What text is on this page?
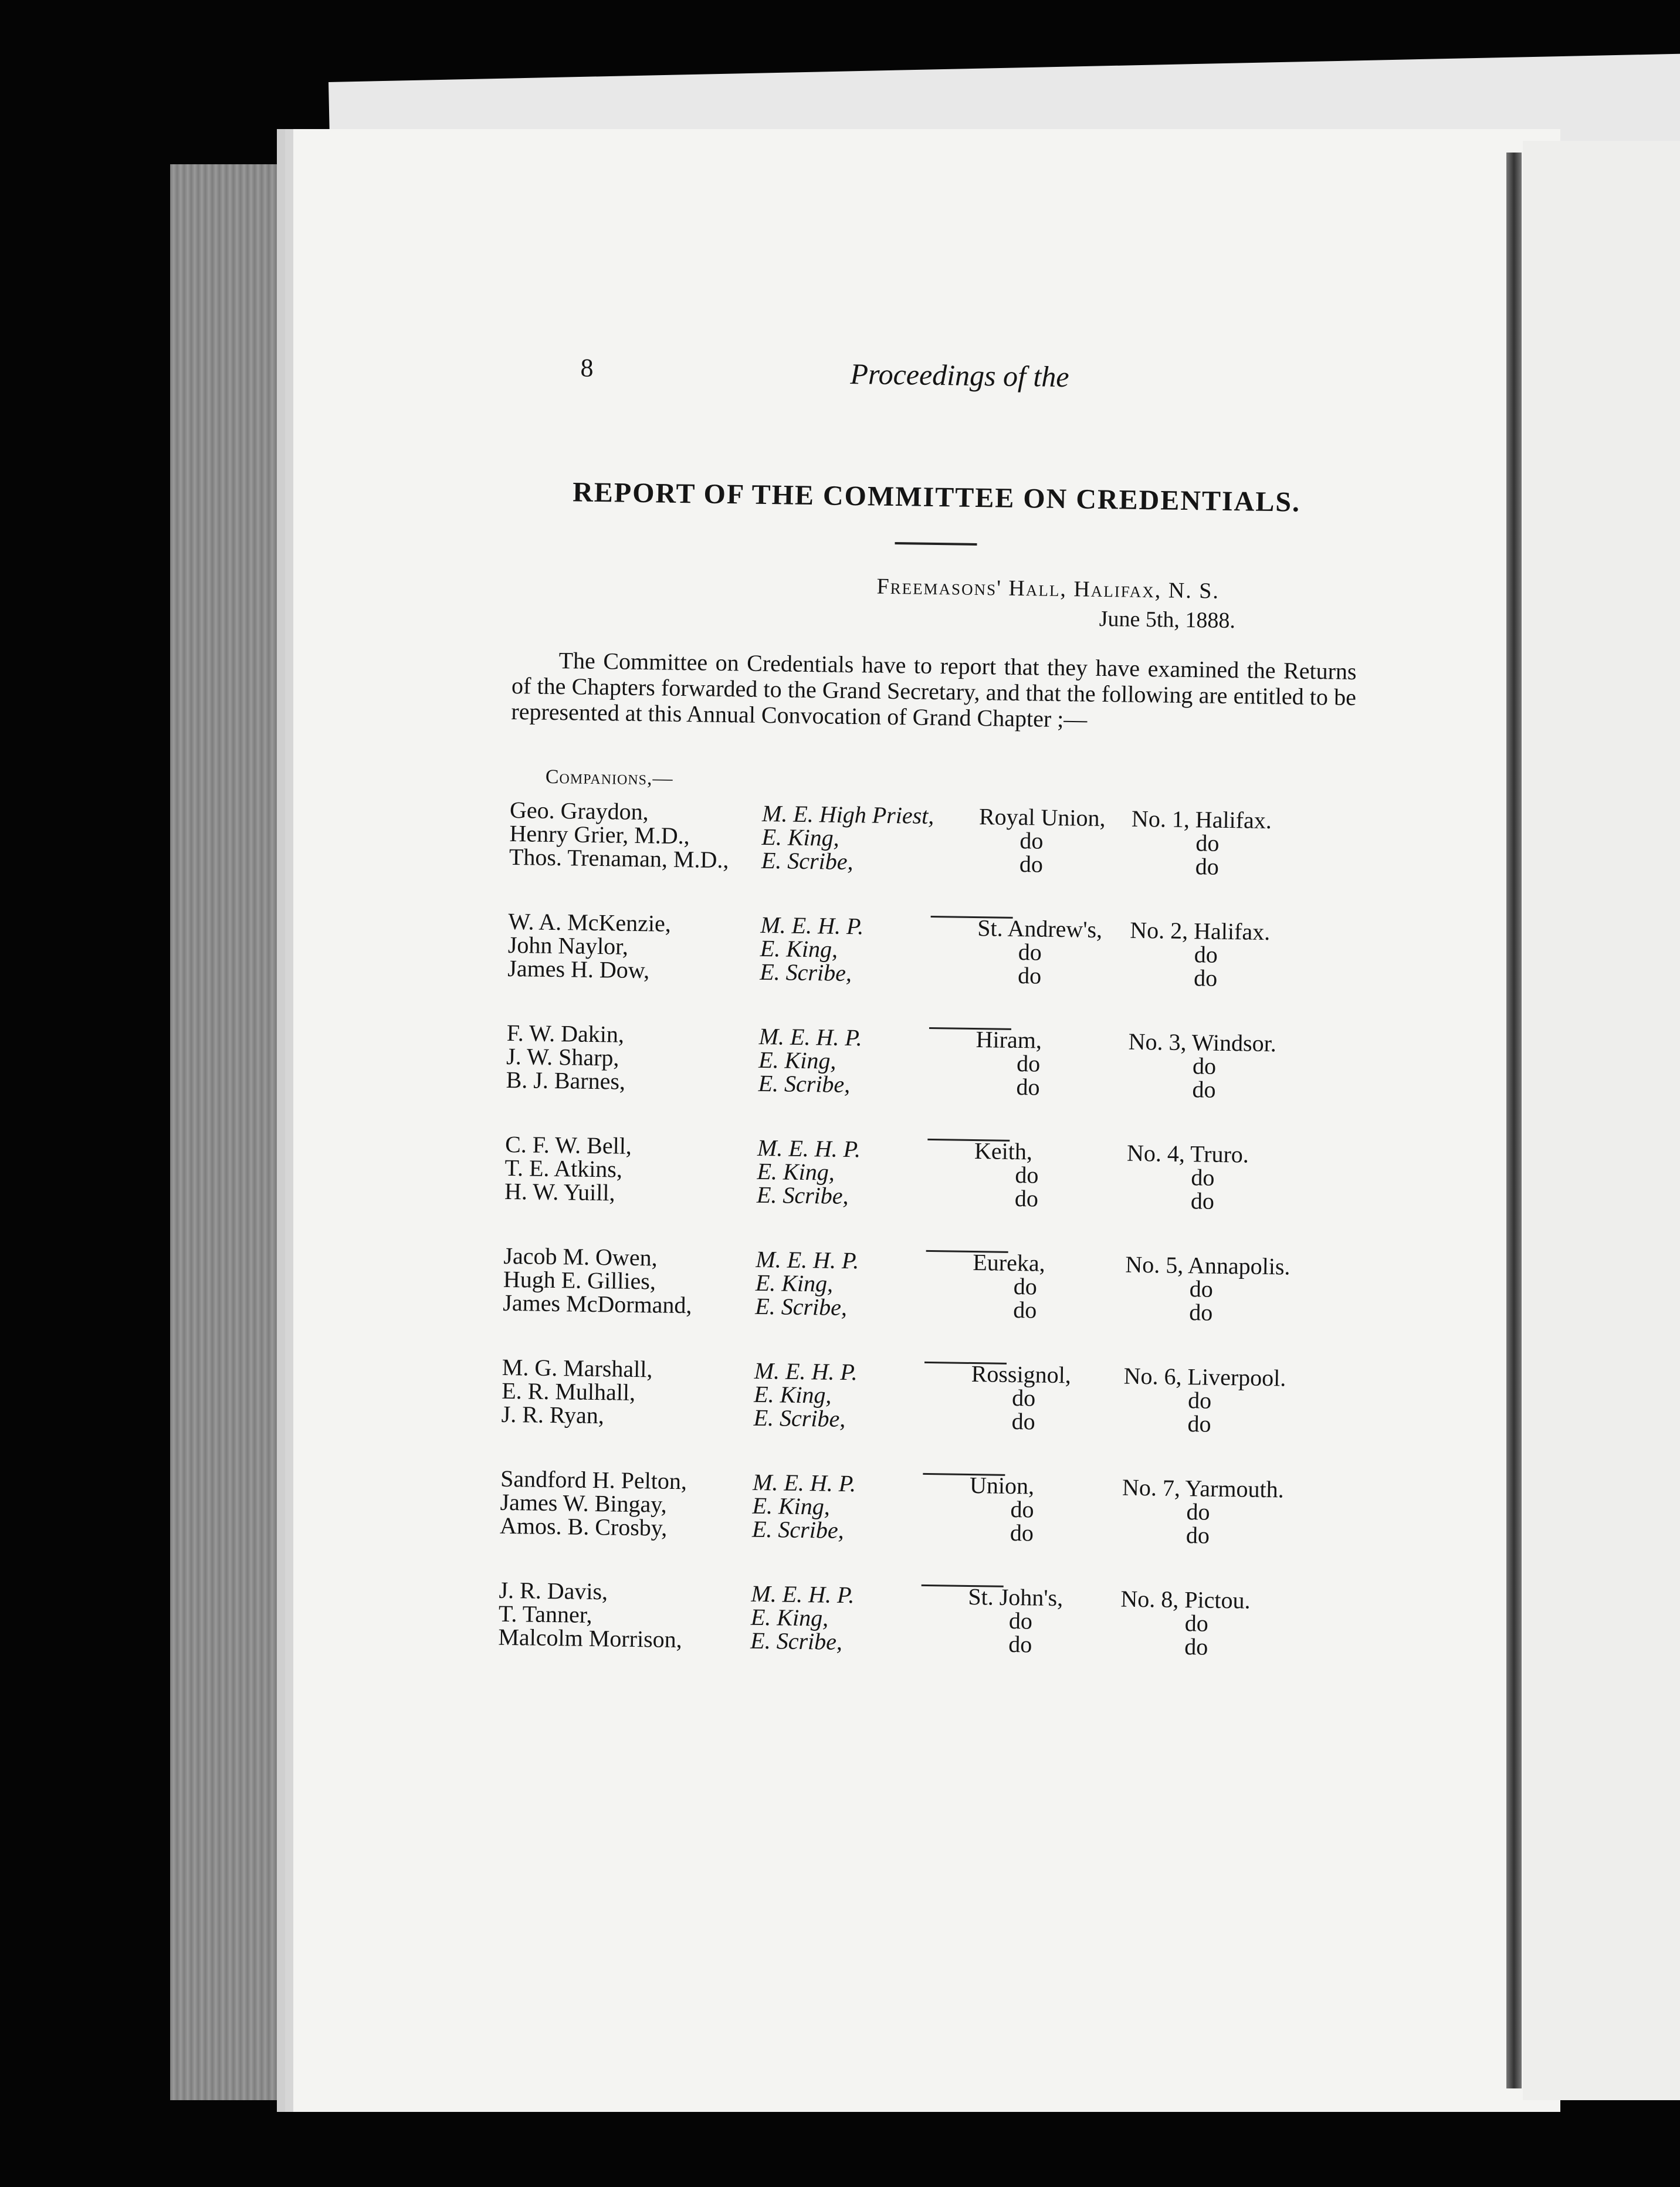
8	Proceedings of the
REPORT OF THE COMMITTEE ON CREDENTIALS.
Freemasons' Hall, Halifax, N. S.
June 5th, 1888.

The Committee on Credentials have to report that they have examined the Returns of the Chapters forwarded to the Grand Secretary, and that the following are entitled to be represented at this Annual Convocation of Grand Chapter ;—

Companions,—
Geo. Graydon,
Henry Grier, M.D.,
Thos. Trenaman, M.D.,
M. E. High Priest,
E. King,
E. Scribe,
Royal Union,
do
do
No. 1, Halifax.
do
do
W. A. McKenzie,
John Naylor,
James H. Dow,
M. E. H. P.
E. King,
E. Scribe,
St. Andrew's,
do
do
No. 2, Halifax.
do
do
F. W. Dakin,
J. W. Sharp,
B. J. Barnes,
M. E. H. P.
E. King,
E. Scribe,
Hiram,
do
do
No. 3, Windsor.
do
do
C. F. W. Bell,
T. E. Atkins,
H. W. Yuill,
M. E. H. P.
E. King,
E. Scribe,
Keith,
do
do
No. 4, Truro.
do
do
Jacob M. Owen,
Hugh E. Gillies,
James McDormand,
M. E. H. P.
E. King,
E. Scribe,
Eureka,
do
do
No. 5, Annapolis.
do
do
M. G. Marshall,
E. R. Mulhall,
J. R. Ryan,
M. E. H. P.
E. King,
E. Scribe,
Rossignol,
do
do
No. 6, Liverpool.
do
do
Sandford H. Pelton,
James W. Bingay,
Amos. B. Crosby,
M. E. H. P.
E. King,
E. Scribe,
Union,
do
do
No. 7, Yarmouth.
do
do
J. R. Davis,
T. Tanner,
Malcolm Morrison,
M. E. H. P.
E. King,
E. Scribe,
St. John's,
do
do
No. 8, Pictou.
do
do
